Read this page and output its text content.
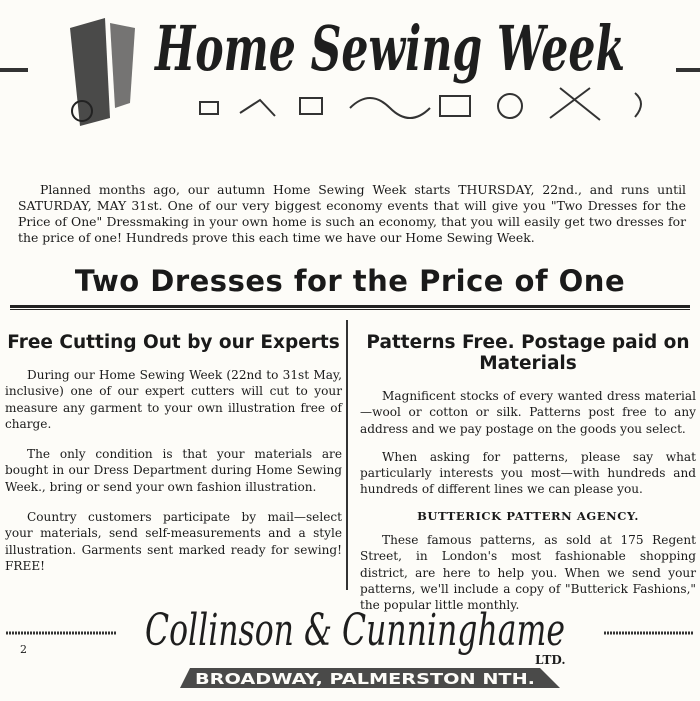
Home Sewing Week
Planned months ago, our autumn Home Sewing Week starts THURSDAY, 22nd., and runs until SATURDAY, MAY 31st. One of our very biggest economy events that will give you "Two Dresses for the Price of One" Dressmaking in your own home is such an economy, that you will easily get two dresses for the price of one! Hundreds prove this each time we have our Home Sewing Week.
Two Dresses for the Price of One
Free Cutting Out by our Experts

During our Home Sewing Week (22nd to 31st May, inclusive) one of our expert cutters will cut to your measure any garment to your own illustration free of charge.

The only condition is that your materials are bought in our Dress Department during Home Sewing Week., bring or send your own fashion illustration.

Country customers participate by mail—select your materials, send self-measurements and a style illustration. Garments sent marked ready for sewing! FREE!

Patterns Free. Postage paid on Materials

Magnificent stocks of every wanted dress material —wool or cotton or silk. Patterns post free to any address and we pay postage on the goods you select.

When asking for patterns, please say what particularly interests you most—with hundreds and hundreds of different lines we can please you.

BUTTERICK PATTERN AGENCY.

These famous patterns, as sold at 175 Regent Street, in London's most fashionable shopping district, are here to help you. When we send your patterns, we'll include a copy of "Butterick Fashions," the popular little monthly.

2	Collinson & Cunninghame
LTD.
BROADWAY, PALMERSTON NTH.
